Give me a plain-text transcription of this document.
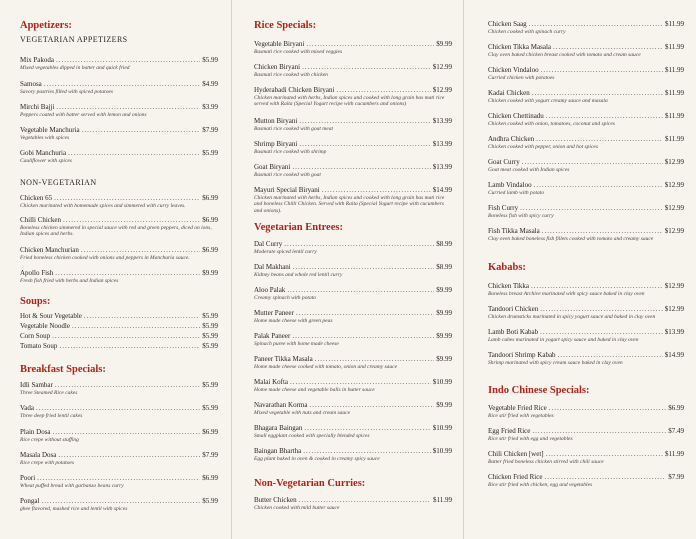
Appetizers:
VEGETARIAN APPETIZERS
Mix Pakoda .....	$5.99
Mixed vegetables dipped in batter and quick fried
Samosa .....	$4.99
Savory pastries filled with spiced potatoes
Mirchi Bajji .....	$3.99
Peppers coated with batter served with lemon and onions
Vegetable Manchuria .....	$7.99
Vegetables with spices
Gobi Manchuria .....	$5.99
Cauliflower with spices
NON-VEGETARIAN
Chicken 65 .....	$6.99
Chicken marinated with homemade spices and simmered with curry leaves.
Chilli Chicken .....	$6.99
Boneless chicken simmered in special sauce with red and green peppers, diced on ions, Indian spices and herbs.
Chicken Manchurian .....	$6.99
Fried boneless chicken cooked with onions and peppers in Manchuria sauce.
Apollo Fish .....	$9.99
Fresh fish fried with herbs and Indian spices
Soups:
Hot & Sour Vegetable .....	$5.99
Vegetable Noodle .....	$5.99
Corn Soup .....	$5.99
Tomato Soup .....	$5.99
Breakfast Specials:
Idli Sambar .....	$5.99
Three Steamed Rice cakes
Vada .....	$5.99
Three deep fried lentil cakes
Plain Dosa .....	$6.99
Rice crepe without stuffing
Masala Dosa .....	$7.99
Rice crepe with potatoes
Poori .....	$6.99
Wheat puffed bread with garbanzo beans curry
Pongal .....	$5.99
ghee flavored, mashed rice and lentil with spices
Rice Specials:
Vegetable Biryani .....	$9.99
Basmati rice cooked with mixed veggies
Chicken Biryani .....	$12.99
Basmati rice cooked with chicken
Hyderabadi Chicken Biryani .....	$12.99
Chicken marinated with herbs, Indian spices and cooked with long grain bas mati rice served with Raita (Special Yogurt recipe with cucumbers and onions)
Mutton Biryani .....	$13.99
Basmati rice cooked with goat meat
Shrimp Biryani .....	$13.99
Basmati rice cooked with shrimp
Goat Biryani .....	$13.99
Basmati rice cooked with goat
Mayuri Special Biryani .....	$14.99
Chicken marinated with herbs, Indian spices and cooked with long grain bas mati rice and boneless Chilli Chicken. Served with Raita (Special Yogurt recipe with cucumbers and onions).
Vegetarian Entrees:
Dal Curry .....	$8.99
Moderate spiced lentil curry
Dal Makhani .....	$8.99
Kidney beans and whole red lentil curry
Aloo Palak .....	$9.99
Creamy spinach with potato
Mutter Paneer .....	$9.99
Home made cheese with green peas
Palak Paneer .....	$9.99
Spinach puree with home made cheese
Paneer Tikka Masala .....	$9.99
Home made cheese cooked with tomato, onion and creamy sauce
Malai Kofta .....	$10.99
Home made cheese and vegetable balls in butter sauce
Navarathan Korma .....	$9.99
Mixed vegetable with nuts and cream sauce
Bhagara Baingan .....	$10.99
Small eggplant cooked with specially blended spices
Baingan Bhartha .....	$10.99
Egg plant baked in oven & cooked in creamy spicy sauce
Non-Vegetarian Curries:
Butter Chicken .....	$11.99
Chicken cooked with mild butter sauce
Chicken Saag .....	$11.99
Chicken cooked with spinach curry
Chicken Tikka Masala .....	$11.99
Clay oven baked chicken breast cooked with tomato and cream sauce
Chicken Vindaloo .....	$11.99
Curried chicken with potatoes
Kadai Chicken .....	$11.99
Chicken cooked with yogurt creamy sauce and masala
Chicken Chettinadu .....	$11.99
Chicken cooked with onion, tomatoes, coconut and spices
Andhra Chicken .....	$11.99
Chicken cooked with pepper, onion and hot spices
Goat Curry .....	$12.99
Goat meat cooked with Indian spices
Lamb Vindaloo .....	$12.99
Curried lamb with potato
Fish Curry .....	$12.99
Boneless fish with spicy curry
Fish Tikka Masala .....	$12.99
Clay oven baked boneless fish fillets cooked with tomato and creamy sauce
Kababs:
Chicken Tikka .....	$12.99
Boneless breast Archive marinated with spicy sauce baked in clay oven
Tandoori Chicken .....	$12.99
Chicken drumsticks marinated in spicy yogurt sauce and baked in clay oven
Lamb Boti Kabab .....	$13.99
Lamb cubes marinated in yogurt spicy sauce and baked in clay oven
Tandoori Shrimp Kabab .....	$14.99
Shrimp marinated with spicy cream sauce baked in clay oven
Indo Chinese Specials:
Vegetable Fried Rice .....	$6.99
Rice stir fried with vegetables
Egg Fried Rice .....	$7.49
Rice stir fried with egg and vegetables
Chili Chicken [wet] .....	$11.99
Batter fried boneless chicken stirred with chili sauce
Chicken Fried Rice .....	$7.99
Rice stir fried with chicken, egg and vegetables
